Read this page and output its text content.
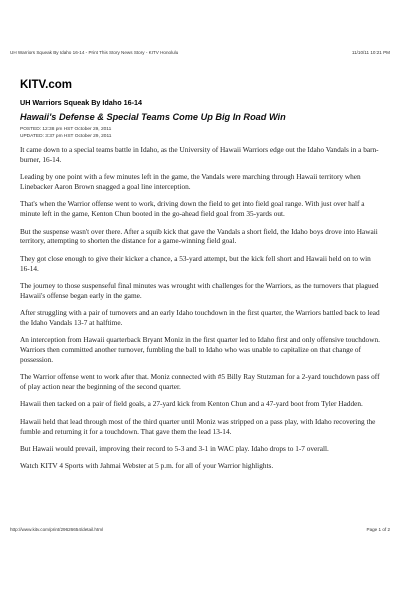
UH Warriors Squeak By Idaho 16-14 - Print This Story News Story - KITV Honolulu	11/10/11 10:21 PM
KITV.com
UH Warriors Squeak By Idaho 16-14
Hawaii's Defense & Special Teams Come Up Big In Road Win
POSTED: 12:38 pm HST October 29, 2011
UPDATED: 3:37 pm HST October 29, 2011

It came down to a special teams battle in Idaho, as the University of Hawaii Warriors edge out the Idaho Vandals in a barn-burner, 16-14.

Leading by one point with a few minutes left in the game, the Vandals were marching through Hawaii territory when Linebacker Aaron Brown snagged a goal line interception.

That's when the Warrior offense went to work, driving down the field to get into field goal range. With just over half a minute left in the game, Kenton Chun booted in the go-ahead field goal from 35-yards out.

But the suspense wasn't over there. After a squib kick that gave the Vandals a short field, the Idaho boys drove into Hawaii territory, attempting to shorten the distance for a game-winning field goal.

They got close enough to give their kicker a chance, a 53-yard attempt, but the kick fell short and Hawaii held on to win 16-14.

The journey to those suspenseful final minutes was wrought with challenges for the Warriors, as the turnovers that plagued Hawaii's offense began early in the game.

After struggling with a pair of turnovers and an early Idaho touchdown in the first quarter, the Warriors battled back to lead the Idaho Vandals 13-7 at halftime.

An interception from Hawaii quarterback Bryant Moniz in the first quarter led to Idaho first and only offensive touchdown. Warriors then committed another turnover, fumbling the ball to Idaho who was unable to capitalize on that change of possession.

The Warrior offense went to work after that. Moniz connected with #5 Billy Ray Stutzman for a 2-yard touchdown pass off of play action near the beginning of the second quarter.

Hawaii then tacked on a pair of field goals, a 27-yard kick from Kenton Chun and a 47-yard boot from Tyler Hadden.

Hawaii held that lead through most of the third quarter until Moniz was stripped on a pass play, with Idaho recovering the fumble and returning it for a touchdown. That gave them the lead 13-14.

But Hawaii would prevail, improving their record to 5-3 and 3-1 in WAC play. Idaho drops to 1-7 overall.

Watch KITV 4 Sports with Jahmai Webster at 5 p.m. for all of your Warrior highlights.

http://www.kitv.com/print/29626654/detail.html	Page 1 of 2
